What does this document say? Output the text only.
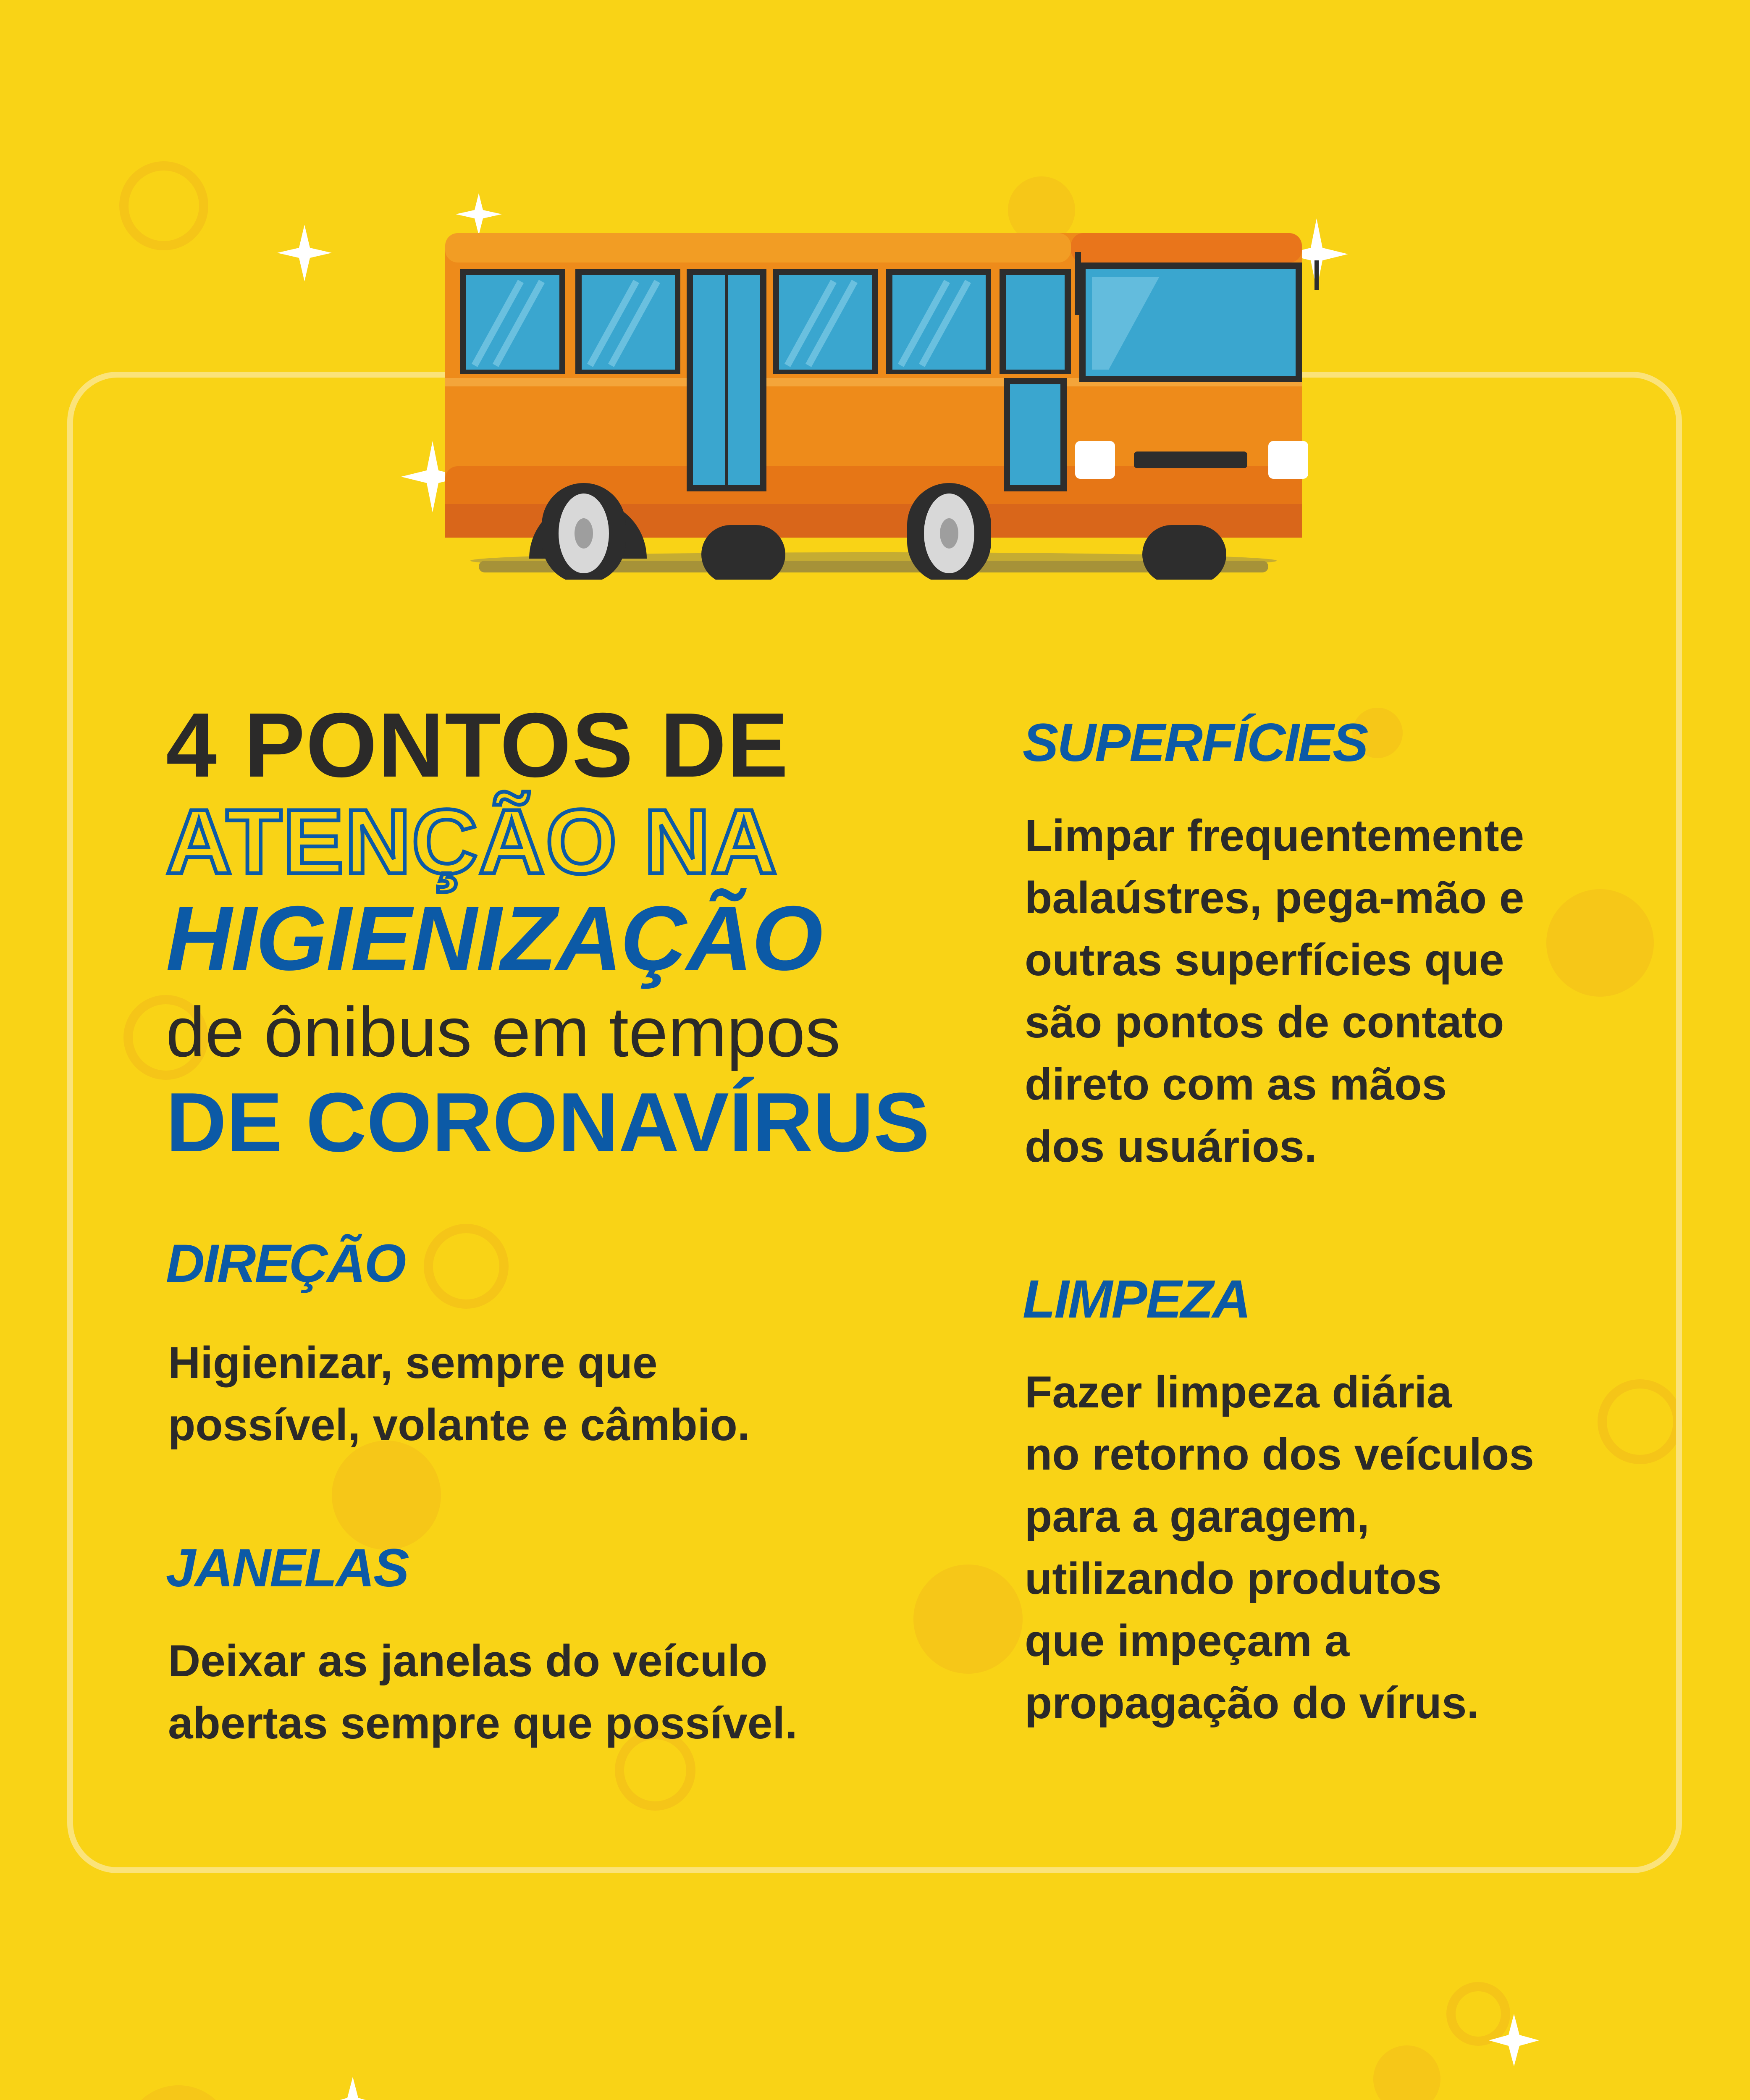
4 PONTOS DE
ATENÇÃO NA
HIGIENIZAÇÃO
de ônibus em tempos
DE CORONAVÍRUS
DIREÇÃO
Higienizar, sempre que
possível, volante e câmbio.
JANELAS
Deixar as janelas do veículo
abertas sempre que possível.
SUPERFÍCIES
Limpar frequentemente
balaústres, pega-mão e
outras superfícies que
são pontos de contato
direto com as mãos
dos usuários.
LIMPEZA
Fazer limpeza diária
no retorno dos veículos
para a garagem,
utilizando produtos
que impeçam a
propagação do vírus.
